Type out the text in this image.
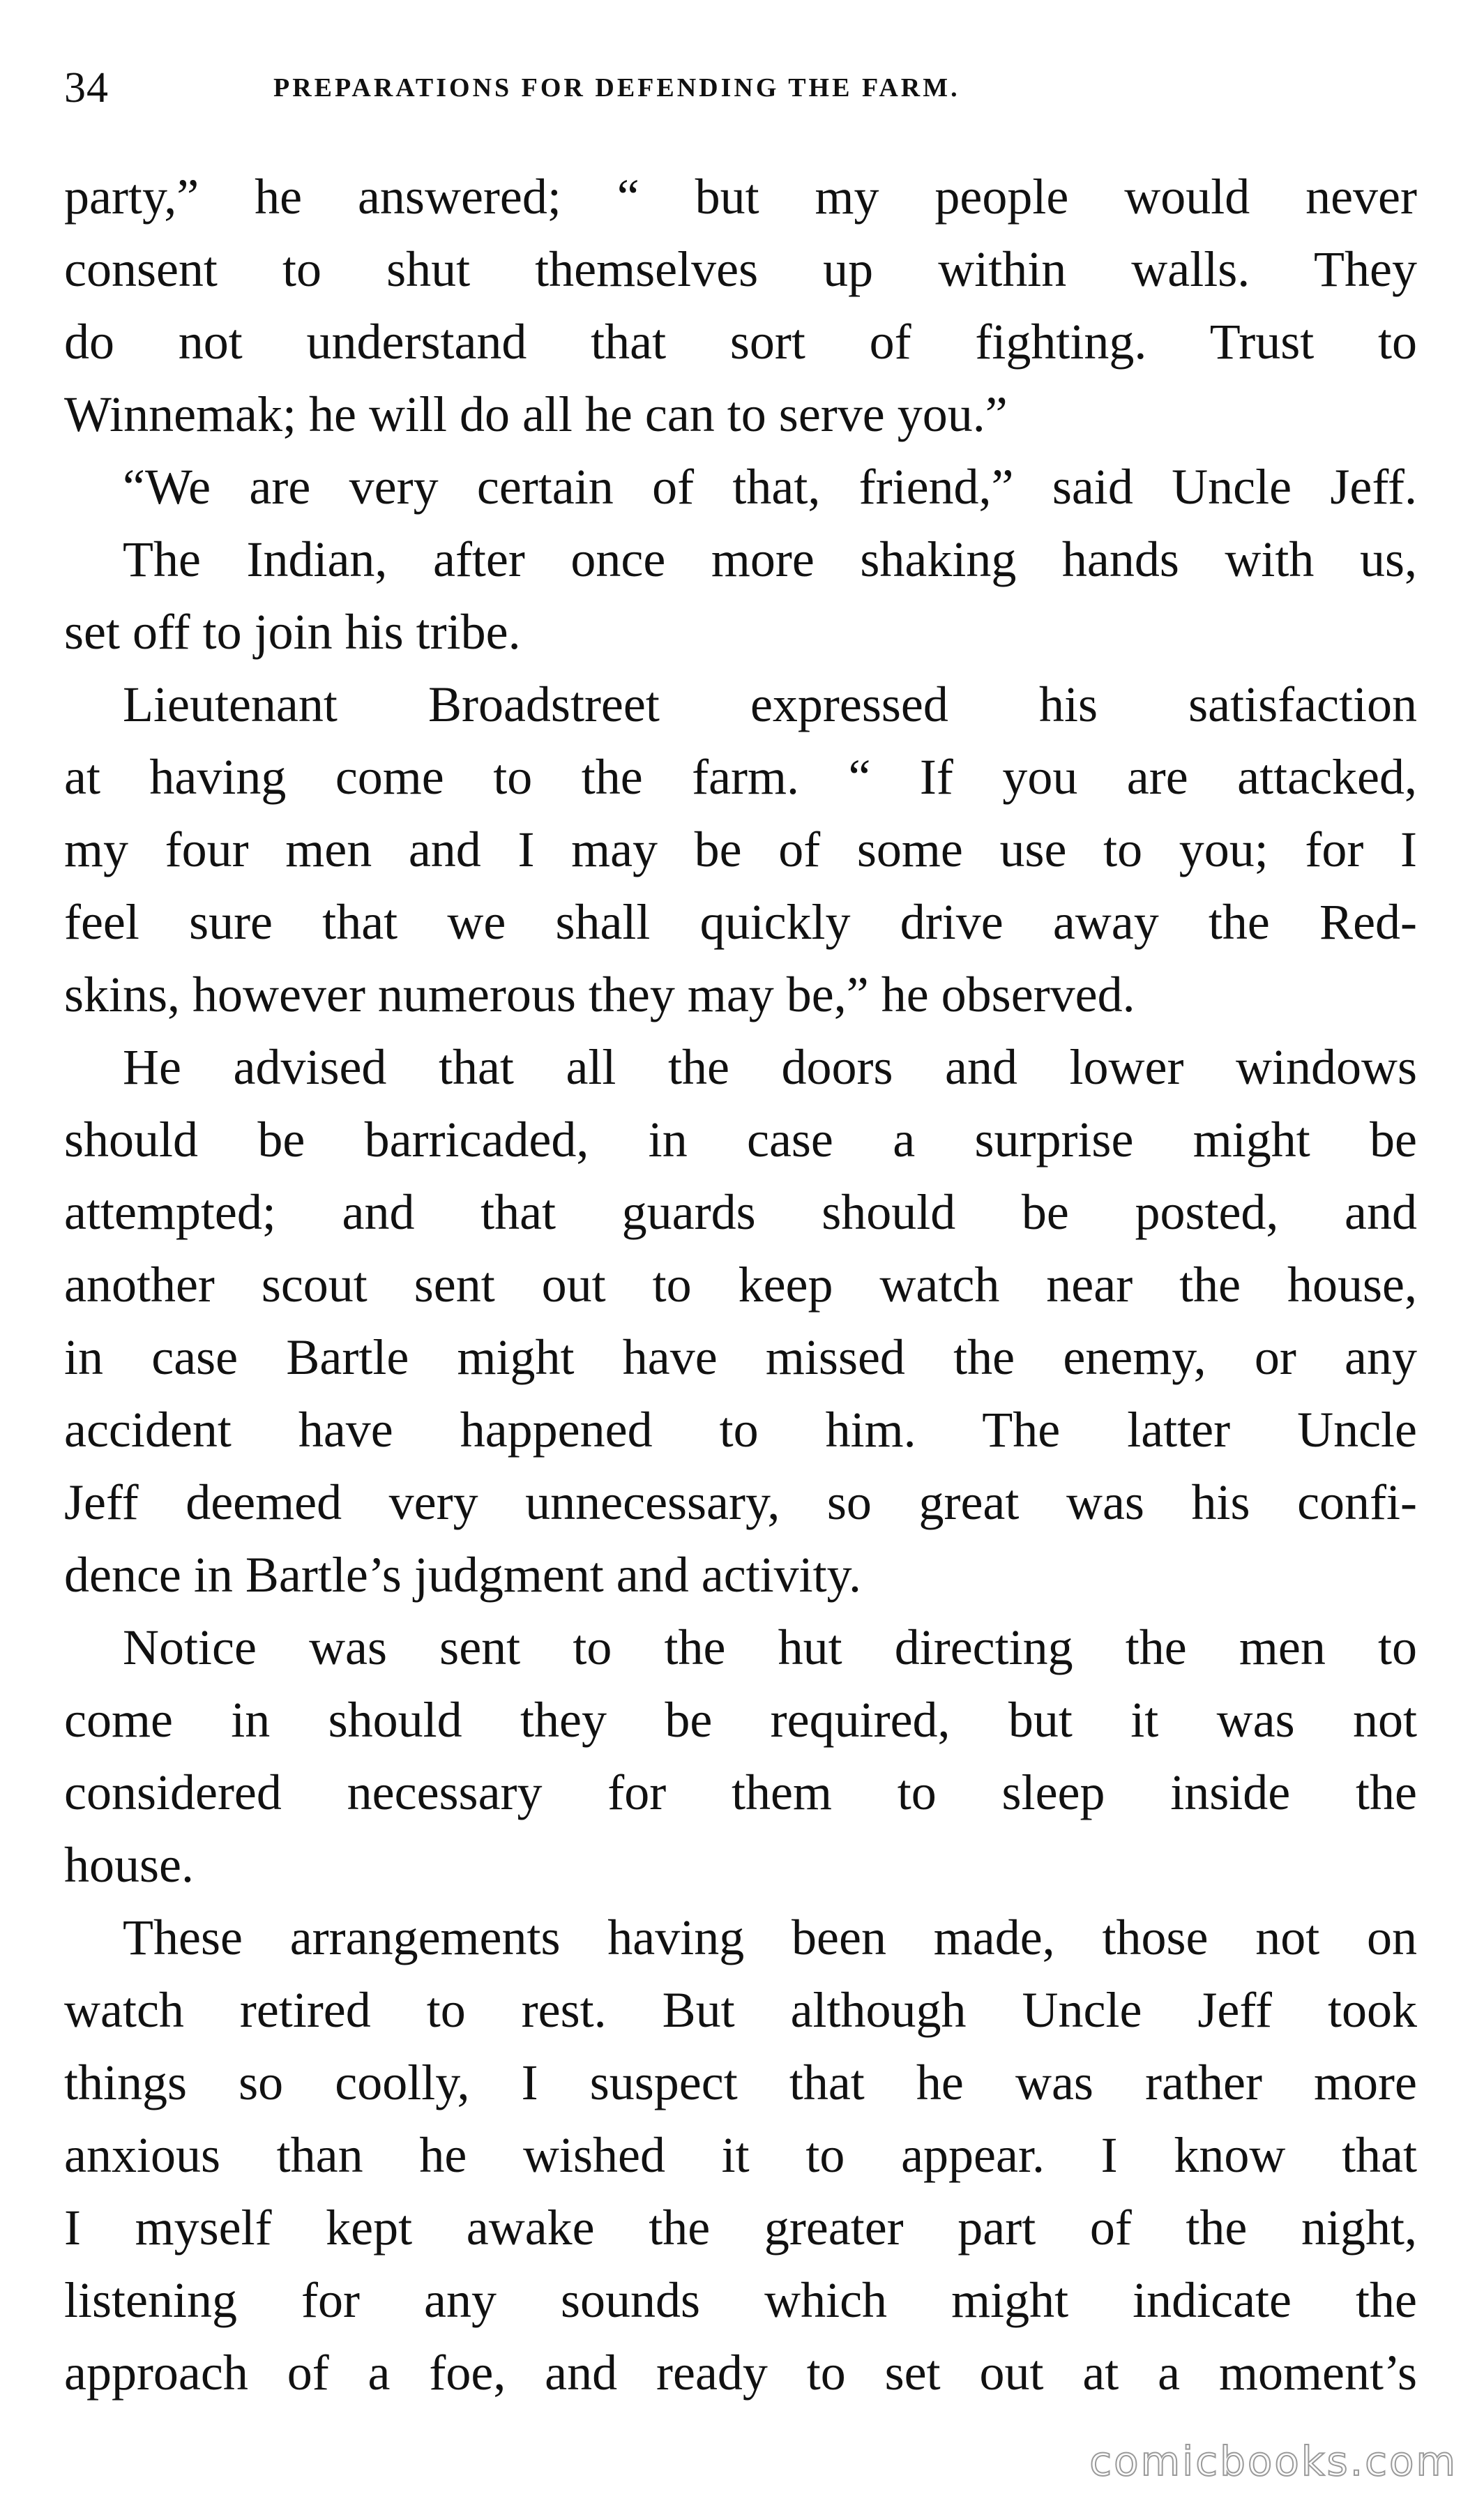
34	PREPARATIONS FOR DEFENDING THE FARM.
party,” he answered; “ but my people would never
consent to shut themselves up within walls. They
do not understand that sort of fighting. Trust to
Winnemak; he will do all he can to serve you.”
“We are very certain of that, friend,” said Uncle Jeff.
The Indian, after once more shaking hands with us,
set off to join his tribe.
Lieutenant Broadstreet expressed his satisfaction
at having come to the farm. “ If you are attacked,
my four men and I may be of some use to you; for I
feel sure that we shall quickly drive away the Red-
skins, however numerous they may be,” he observed.
He advised that all the doors and lower windows
should be barricaded, in case a surprise might be
attempted; and that guards should be posted, and
another scout sent out to keep watch near the house,
in case Bartle might have missed the enemy, or any
accident have happened to him. The latter Uncle
Jeff deemed very unnecessary, so great was his confi-
dence in Bartle’s judgment and activity.
Notice was sent to the hut directing the men to
come in should they be required, but it was not
considered necessary for them to sleep inside the
house.
These arrangements having been made, those not on
watch retired to rest. But although Uncle Jeff took
things so coolly, I suspect that he was rather more
anxious than he wished it to appear. I know that
I myself kept awake the greater part of the night,
listening for any sounds which might indicate the
approach of a foe, and ready to set out at a moment’s
comicbooks.com
